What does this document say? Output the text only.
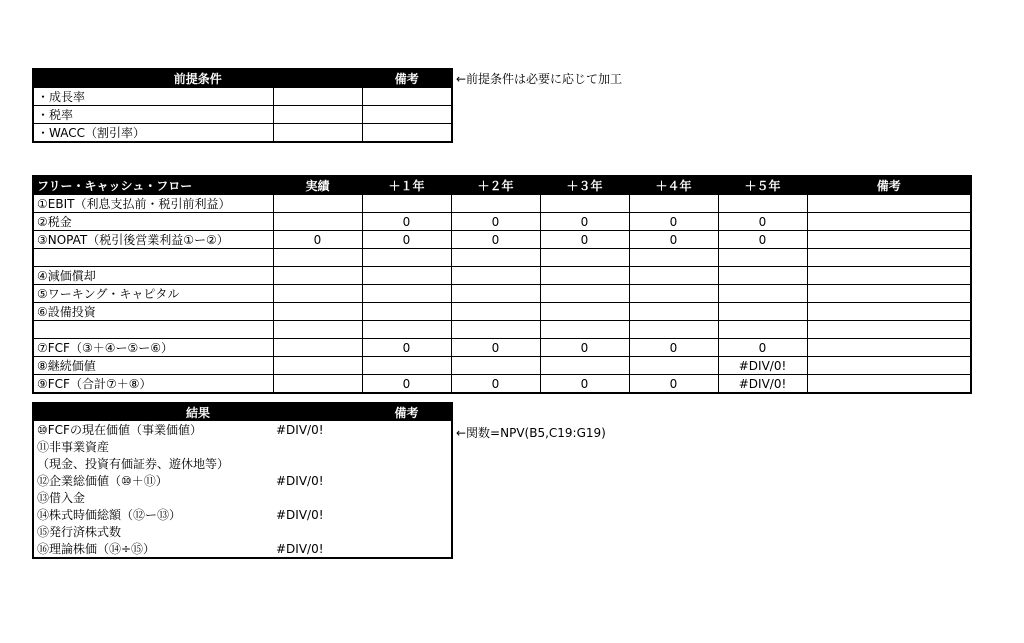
前提条件		備考
・成長率		
・税率		
・WACC（割引率）		
←前提条件は必要に応じて加工
フリー・キャッシュ・フロー	実績	＋１年	＋２年	＋３年	＋４年	＋５年	備考
①EBIT（利息支払前・税引前利益）							
②税金		0	0	0	0	0	
③NOPAT（税引後営業利益①ー②）	0	0	0	0	0	0	

④減価償却							
⑤ワーキング・キャピタル							
⑥設備投資							

⑦FCF（③＋④ー⑤ー⑥）		0	0	0	0	0	
⑧継続価値						#DIV/0!	
⑨FCF（合計⑦＋⑧）		0	0	0	0	#DIV/0!	
結果		備考
⑩FCFの現在価値（事業価値）	#DIV/0!	
⑪非事業資産		
（現金、投資有価証券、遊休地等）		
⑫企業総価値（⑩＋⑪）	#DIV/0!	
⑬借入金		
⑭株式時価総額（⑫ー⑬）	#DIV/0!	
⑮発行済株式数		
⑯理論株価（⑭÷⑮）	#DIV/0!	
←関数=NPV(B5,C19:G19)
